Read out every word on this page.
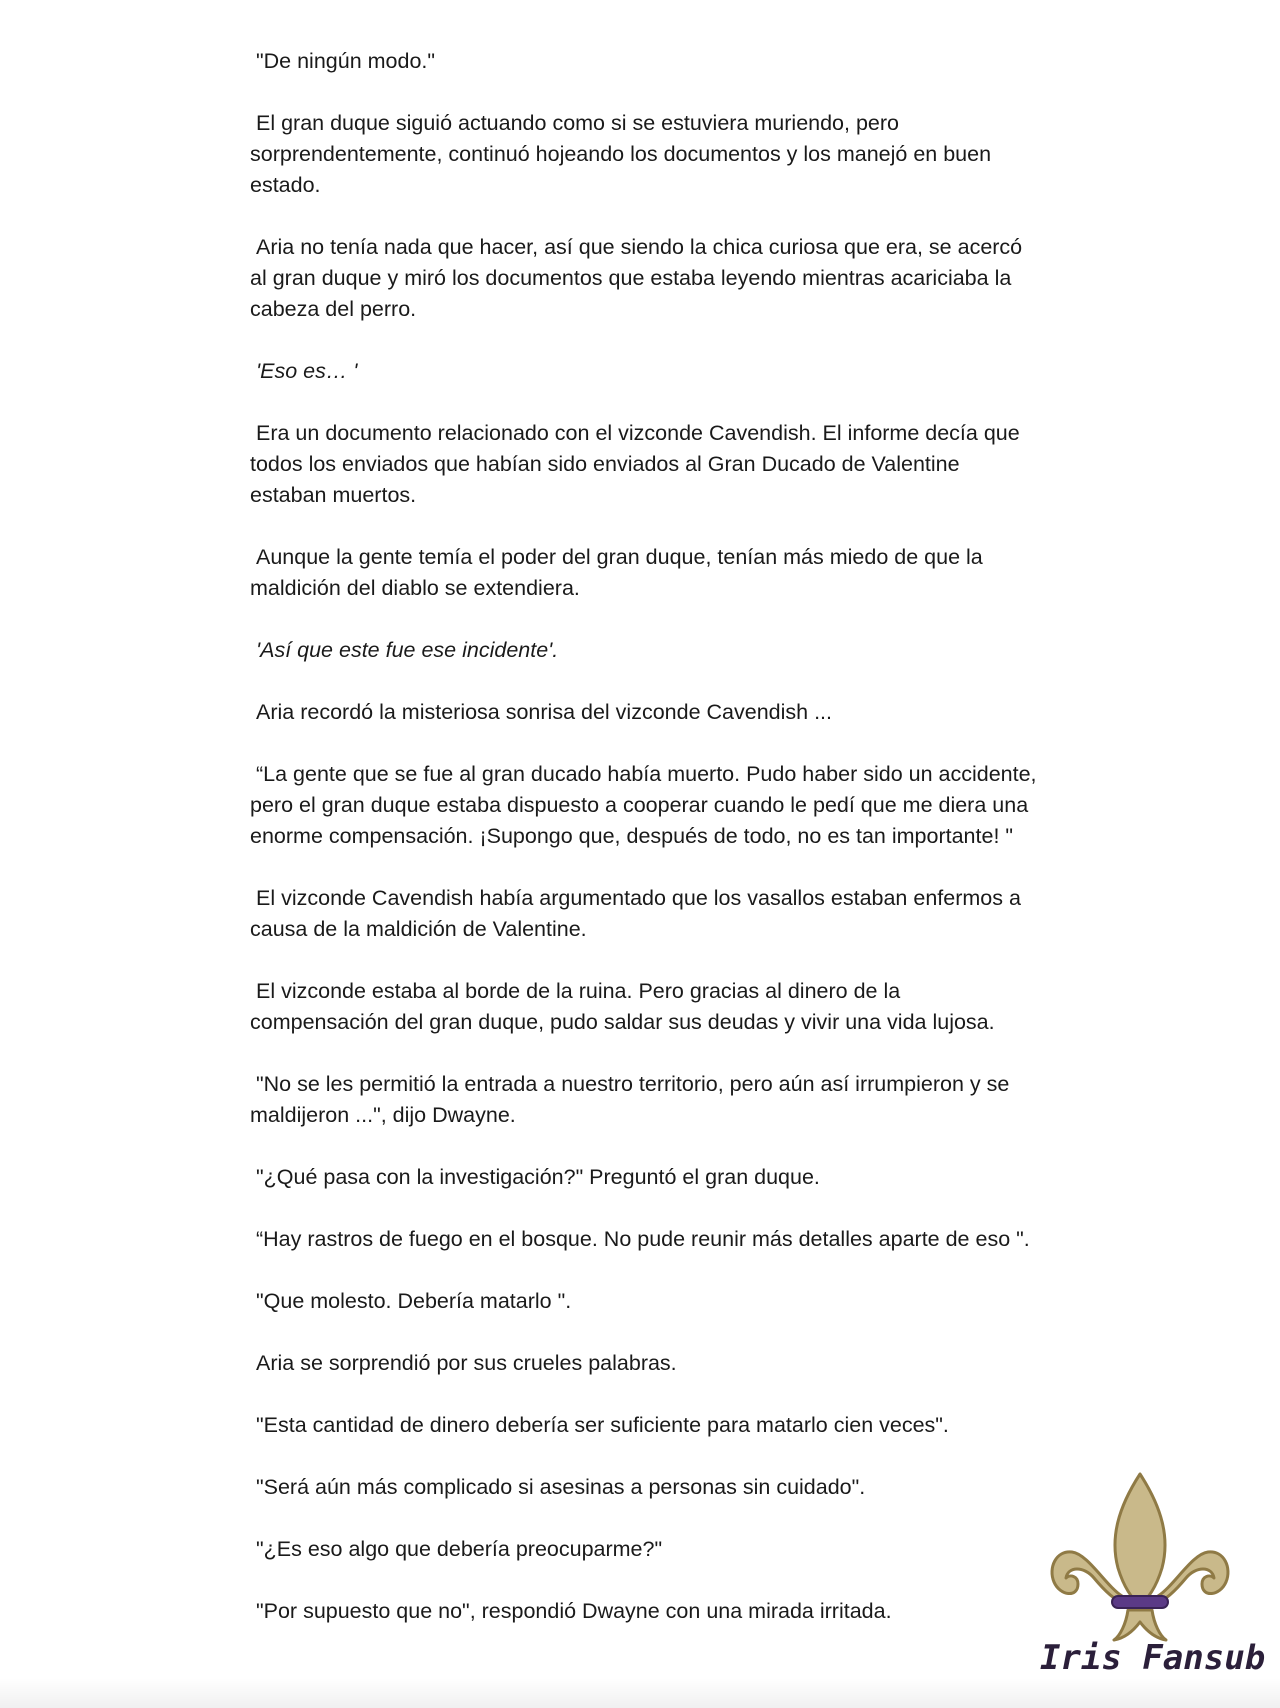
"De ningún modo."

El gran duque siguió actuando como si se estuviera muriendo, pero sorprendentemente, continuó hojeando los documentos y los manejó en buen estado.

Aria no tenía nada que hacer, así que siendo la chica curiosa que era, se acercó al gran duque y miró los documentos que estaba leyendo mientras acariciaba la cabeza del perro.

'Eso es… '

Era un documento relacionado con el vizconde Cavendish. El informe decía que todos los enviados que habían sido enviados al Gran Ducado de Valentine estaban muertos.

Aunque la gente temía el poder del gran duque, tenían más miedo de que la maldición del diablo se extendiera.

'Así que este fue ese incidente'.

Aria recordó la misteriosa sonrisa del vizconde Cavendish ...

“La gente que se fue al gran ducado había muerto. Pudo haber sido un accidente, pero el gran duque estaba dispuesto a cooperar cuando le pedí que me diera una enorme compensación. ¡Supongo que, después de todo, no es tan importante! "

El vizconde Cavendish había argumentado que los vasallos estaban enfermos a causa de la maldición de Valentine.

El vizconde estaba al borde de la ruina. Pero gracias al dinero de la compensación del gran duque, pudo saldar sus deudas y vivir una vida lujosa.

"No se les permitió la entrada a nuestro territorio, pero aún así irrumpieron y se maldijeron ...", dijo Dwayne.

"¿Qué pasa con la investigación?" Preguntó el gran duque.

“Hay rastros de fuego en el bosque. No pude reunir más detalles aparte de eso ".

"Que molesto. Debería matarlo ".

Aria se sorprendió por sus crueles palabras.

"Esta cantidad de dinero debería ser suficiente para matarlo cien veces".

"Será aún más complicado si asesinas a personas sin cuidado".

"¿Es eso algo que debería preocuparme?"

"Por supuesto que no", respondió Dwayne con una mirada irritada.

Iris Fansub
